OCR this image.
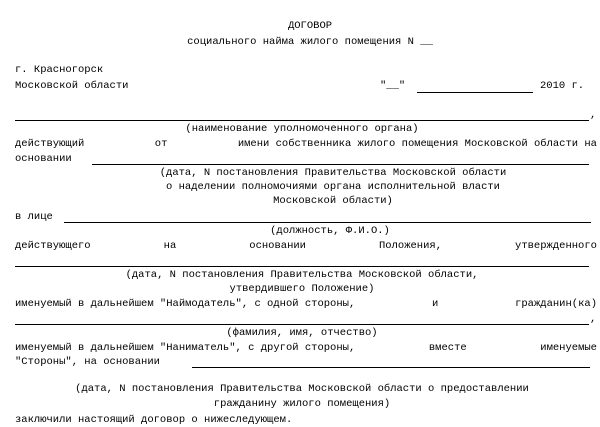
ДОГОВОР
социального найма жилого помещения N __
г. Красногорск
Московской области	"__"	2010 г.
,
(наименование уполномоченного органа)
действующий	от	имени собственника жилого помещения Московской области на
основании
(дата, N постановления Правительства Московской области
о наделении полномочиями органа исполнительной власти
Московской области)
в лице
(должность, Ф.И.О.)
действующего	на	основании	Положения,	утвержденного
(дата, N постановления Правительства Московской области,
утвердившего Положение)
именуемый в дальнейшем "Наймодатель", с одной стороны,	и	гражданин(ка)
,
(фамилия, имя, отчество)
именуемый в дальнейшем "Наниматель", с другой стороны,	вместе	именуемые
"Стороны", на основании
(дата, N постановления Правительства Московской области о предоставлении
гражданину жилого помещения)
заключили настоящий договор о нижеследующем.
